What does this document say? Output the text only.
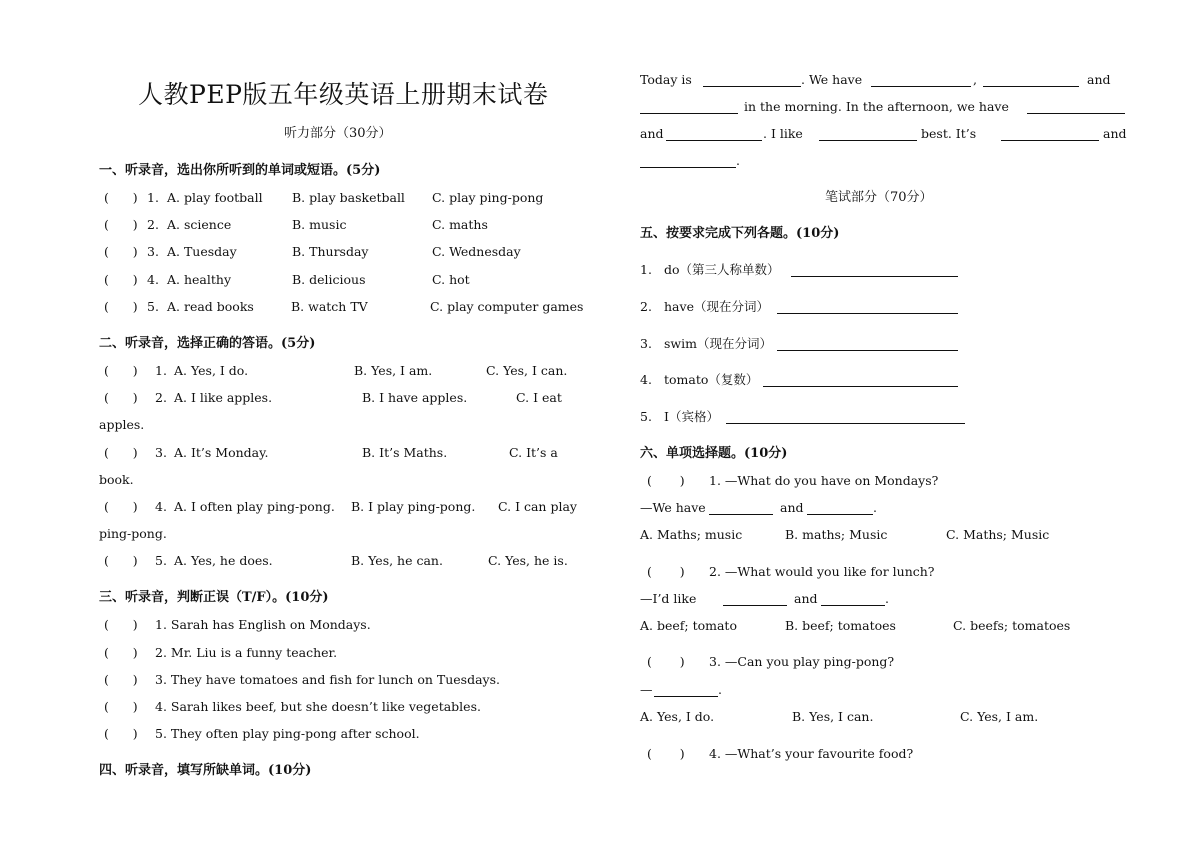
人教PEP版五年级英语上册期末试卷
听力部分（30分）
一、听录音，选出你所听到的单词或短语。(5分)
(      ) 1. A. play football B. play basketball C. play ping-pong
(      ) 2. A. science	B. music	C. maths
(      ) 3. A. Tuesday	B. Thursday	C. Wednesday
(      ) 4. A. healthy	B. delicious	C. hot
(      ) 5. A. read books	B. watch TV	C. play computer games
二、听录音，选择正确的答语。(5分)
(      ) 1. A. Yes, I do.	B. Yes, I am.	C. Yes, I can.
(      ) 2. A. I like apples.	B. I have apples.	C. I eat
apples.
(      ) 3. A. It’s Monday.	B. It’s Maths.	C. It’s a
book.
(      ) 4. A. I often play ping-pong. B. I play ping-pong. C. I can play
ping-pong.
(      ) 5. A. Yes, he does.	B. Yes, he can.	C. Yes, he is.
三、听录音，判断正误（T/F）。(10分)
(      ) 1. Sarah has English on Mondays.
(      ) 2. Mr. Liu is a funny teacher.
(      ) 3. They have tomatoes and fish for lunch on Tuesdays.
(      ) 4. Sarah likes beef, but she doesn’t like vegetables.
(      ) 5. They often play ping-pong after school.
四、听录音，填写所缺单词。(10分)
Today is	. We have	,	and
in the morning. In the afternoon, we have
and	. I like	best. It’s	and
.
笔试部分（70分）
五、按要求完成下列各题。(10分)
1. do（第三人称单数）
2. have（现在分词）
3. swim（现在分词）
4. tomato（复数）
5. I（宾格）
六、单项选择题。(10分)
(       ) 1. —What do you have on Mondays?
—We have	and	.
A. Maths; music	B. maths; Music	C. Maths; Music
(       ) 2. —What would you like for lunch?
—I’d like	and	.
A. beef; tomato	B. beef; tomatoes	C. beefs; tomatoes
(       ) 3. —Can you play ping-pong?
—	.
A. Yes, I do.	B. Yes, I can.	C. Yes, I am.
(       ) 4. —What’s your favourite food?
